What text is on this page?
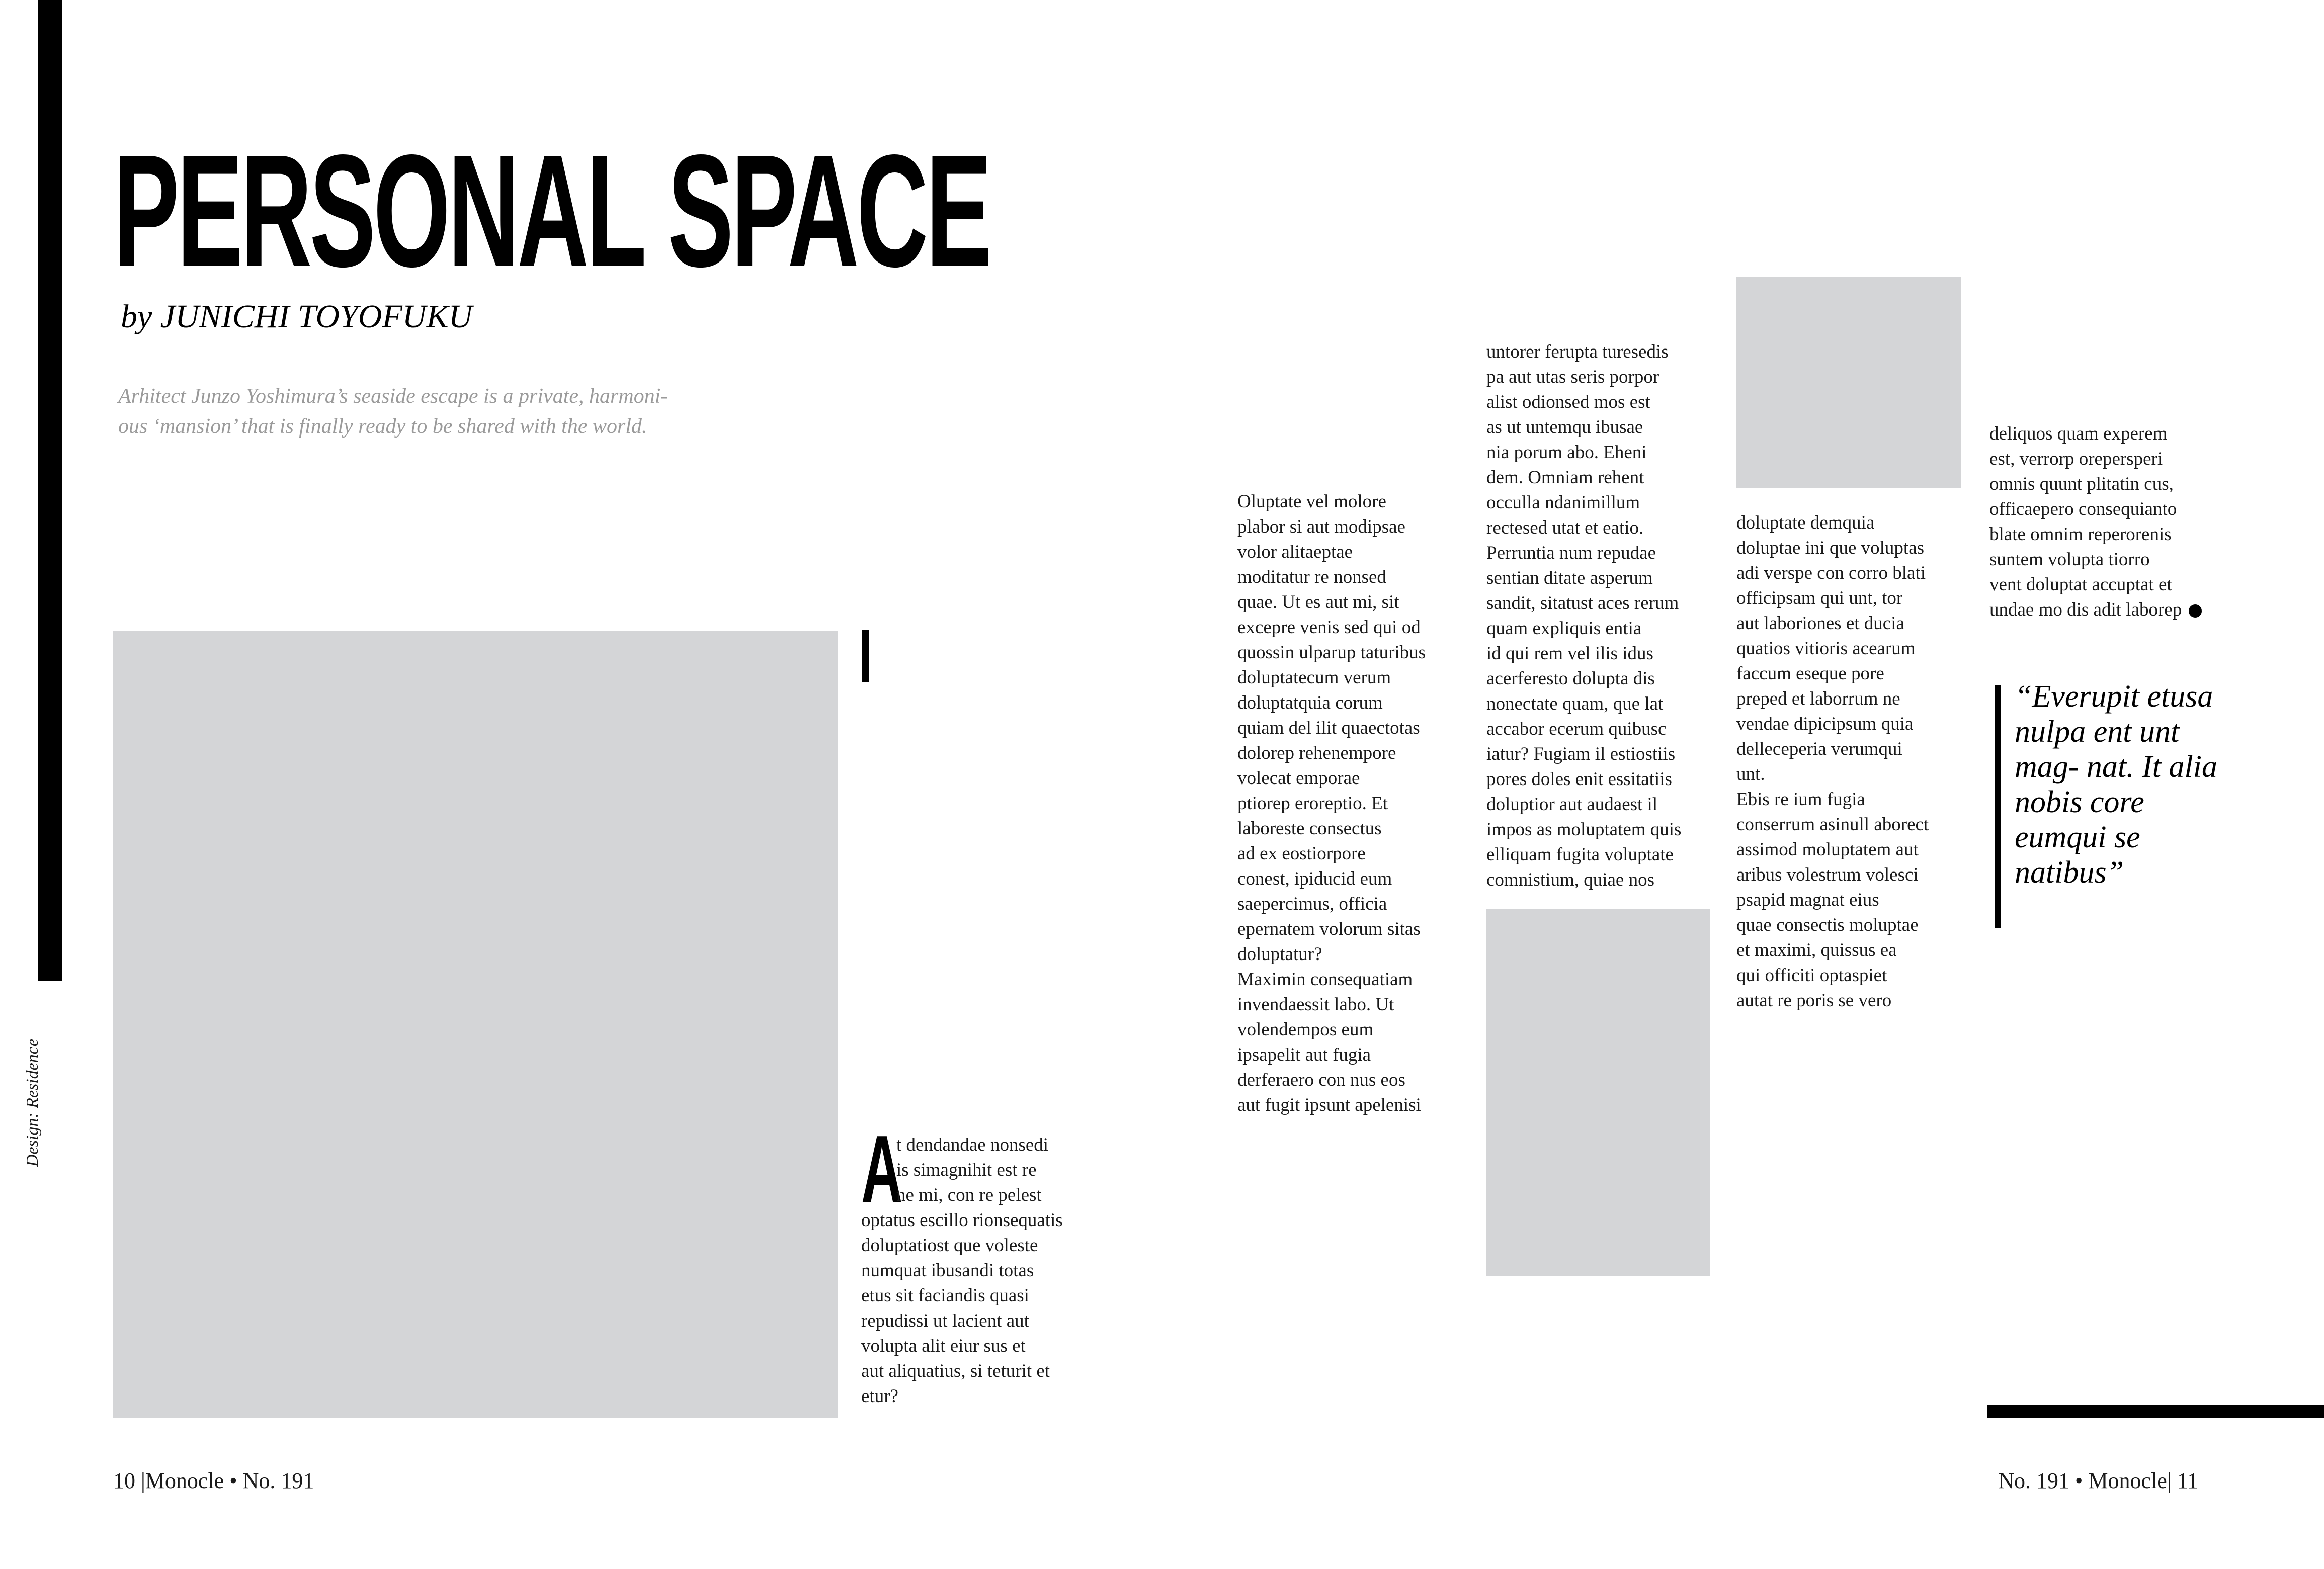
Design: Residence
PERSONAL SPACE
by JUNICHI TOYOFUKU
Arhitect Junzo Yoshimura’s seaside escape is a private, harmoni- ous ‘mansion’ that is finally ready to be shared with the world.
A
t dendandae nonsedi
is simagnihit est re
ne mi, con re pelest
optatus escillo rionsequatis
doluptatiost que voleste
numquat ibusandi totas
etus sit faciandis quasi
repudissi ut lacient aut
volupta alit eiur sus et
aut aliquatius, si teturit et
etur?
Oluptate vel molore
plabor si aut modipsae
volor alitaeptae
moditatur re nonsed
quae. Ut es aut mi, sit
excepre venis sed qui od
quossin ulparup taturibus
doluptatecum verum
doluptatquia corum
quiam del ilit quaectotas
dolorep rehenempore
volecat emporae
ptiorep eroreptio. Et
laboreste consectus
ad ex eostiorpore
conest, ipiducid eum
saepercimus, officia
epernatem volorum sitas
doluptatur?
Maximin consequatiam
invendaessit labo. Ut
volendempos eum
ipsapelit aut fugia
derferaero con nus eos
aut fugit ipsunt apelenisi
untorer ferupta turesedis
pa aut utas seris porpor
alist odionsed mos est
as ut untemqu ibusae
nia porum abo. Eheni
dem. Omniam rehent
occulla ndanimillum
rectesed utat et eatio.
Perruntia num repudae
sentian ditate asperum
sandit, sitatust aces rerum
quam expliquis entia
id qui rem vel ilis idus
acerferesto dolupta dis
nonectate quam, que lat
accabor ecerum quibusc
iatur? Fugiam il estiostiis
pores doles enit essitatiis
doluptior aut audaest il
impos as moluptatem quis
elliquam fugita voluptate
comnistium, quiae nos
doluptate demquia
doluptae ini que voluptas
adi verspe con corro blati
officipsam qui unt, tor
aut laboriones et ducia
quatios vitioris acearum
faccum eseque pore
preped et laborrum ne
vendae dipicipsum quia
delleceperia verumqui
unt.
Ebis re ium fugia
conserrum asinull aborect
assimod moluptatem aut
aribus volestrum volesci
psapid magnat eius
quae consectis moluptae
et maximi, quissus ea
qui officiti optaspiet
autat re poris se vero
deliquos quam experem
est, verrorp orepersperi
omnis quunt plitatin cus,
officaepero consequianto
blate omnim reperorenis
suntem volupta tiorro
vent doluptat accuptat et
undae mo dis adit laborep
“Everupit etusa nulpa ent unt mag- nat. It alia nobis core eumqui se natibus”
10 |Monocle • No. 191	No. 191 • Monocle| 11
